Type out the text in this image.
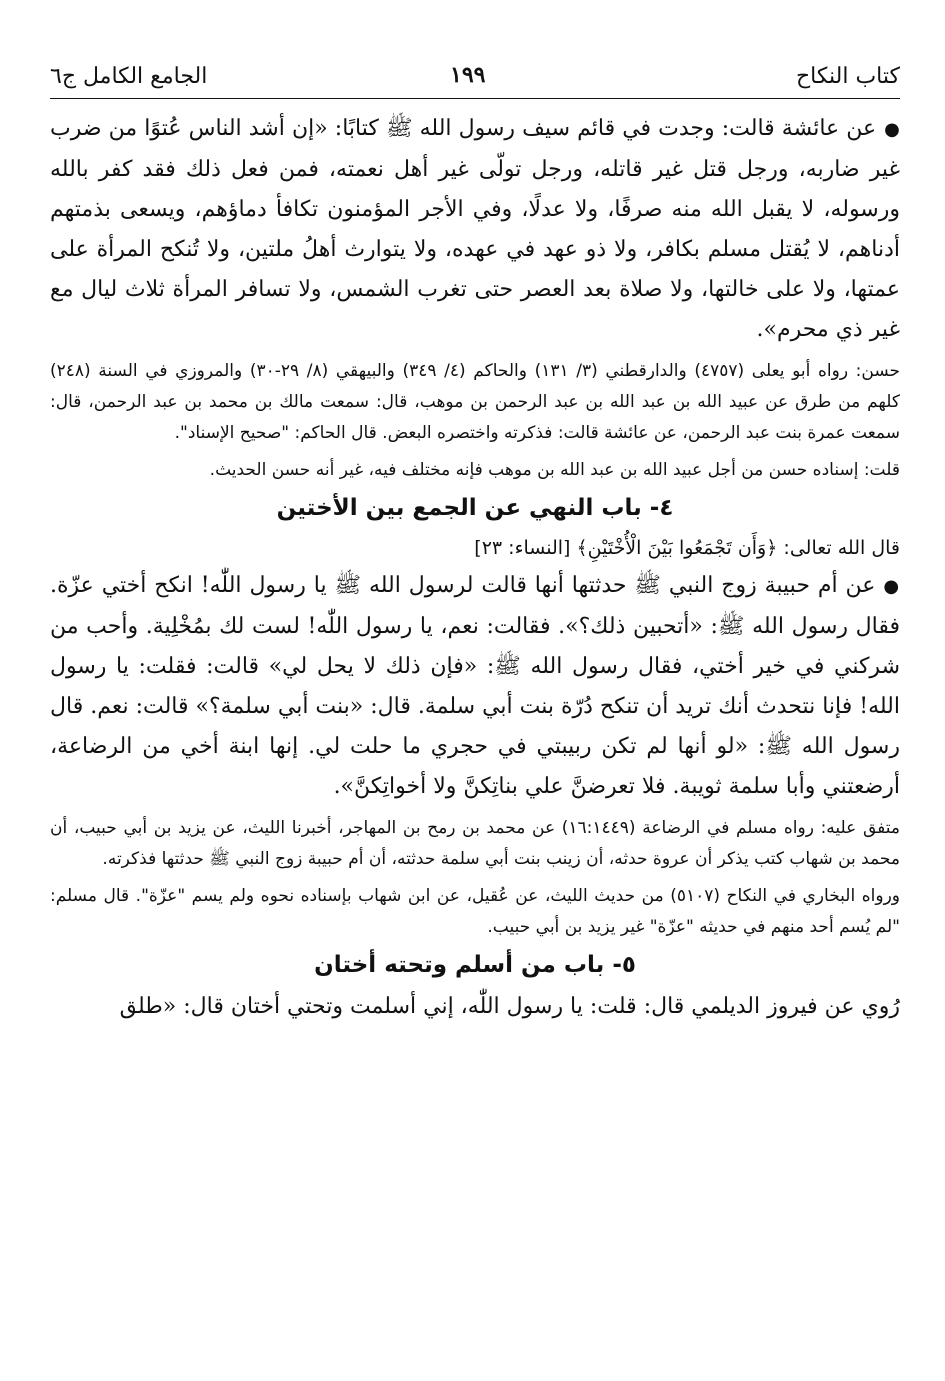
كتاب النكاح
١٩٩
الجامع الكامل ج٦

●عن عائشة قالت: وجدت في قائم سيف رسول الله ﷺ كتابًا: «إن أشد الناس عُتوًا من ضرب غير ضاربه، ورجل قتل غير قاتله، ورجل تولّى غير أهل نعمته، فمن فعل ذلك فقد كفر بالله ورسوله، لا يقبل الله منه صرفًا، ولا عدلًا، وفي الأجر المؤمنون تكافأ دماؤهم، ويسعى بذمتهم أدناهم، لا يُقتل مسلم بكافر، ولا ذو عهد في عهده، ولا يتوارث أهلُ ملتين، ولا تُنكح المرأة على عمتها، ولا على خالتها، ولا صلاة بعد العصر حتى تغرب الشمس، ولا تسافر المرأة ثلاث ليال مع غير ذي محرم».

حسن: رواه أبو يعلى (٤٧٥٧) والدارقطني (٣/ ١٣١) والحاكم (٤/ ٣٤٩) والبيهقي (٨/ ٢٩-٣٠) والمروزي في السنة (٢٤٨) كلهم من طرق عن عبيد الله بن عبد الله بن عبد الرحمن بن موهب، قال: سمعت مالك بن محمد بن عبد الرحمن، قال: سمعت عمرة بنت عبد الرحمن، عن عائشة قالت: فذكرته واختصره البعض. قال الحاكم: "صحيح الإسناد".

قلت: إسناده حسن من أجل عبيد الله بن عبد الله بن موهب فإنه مختلف فيه، غير أنه حسن الحديث.

٤- باب النهي عن الجمع بين الأختين

قال الله تعالى: ﴿وَأَن تَجْمَعُوا بَيْنَ الْأُخْتَيْنِ﴾ [النساء: ٢٣]

●عن أم حبيبة زوج النبي ﷺ حدثتها أنها قالت لرسول الله ﷺ يا رسول اللّٰه! انكح أختي عزّة. فقال رسول الله ﷺ: «أتحبين ذلك؟». فقالت: نعم، يا رسول اللّٰه! لست لك بمُخْلِية. وأحب من شركني في خير أختي، فقال رسول الله ﷺ: «فإن ذلك لا يحل لي» قالت: فقلت: يا رسول الله! فإنا نتحدث أنك تريد أن تنكح دُرّة بنت أبي سلمة. قال: «بنت أبي سلمة؟» قالت: نعم. قال رسول الله ﷺ: «لو أنها لم تكن ربيبتي في حجري ما حلت لي. إنها ابنة أخي من الرضاعة، أرضعتني وأبا سلمة ثويبة. فلا تعرضنَّ علي بناتِكنَّ ولا أخواتِكنَّ».

متفق عليه: رواه مسلم في الرضاعة (١٦:١٤٤٩) عن محمد بن رمح بن المهاجر، أخبرنا الليث، عن يزيد بن أبي حبيب، أن محمد بن شهاب كتب يذكر أن عروة حدثه، أن زينب بنت أبي سلمة حدثته، أن أم حبيبة زوج النبي ﷺ حدثتها فذكرته.

ورواه البخاري في النكاح (٥١٠٧) من حديث الليث، عن عُقيل، عن ابن شهاب بإسناده نحوه ولم يسم "عزّة". قال مسلم: "لم يُسم أحد منهم في حديثه "عزّة" غير يزيد بن أبي حبيب.

٥- باب من أسلم وتحته أختان

رُوي عن فيروز الديلمي قال: قلت: يا رسول اللّٰه، إني أسلمت وتحتي أختان قال: «طلق
